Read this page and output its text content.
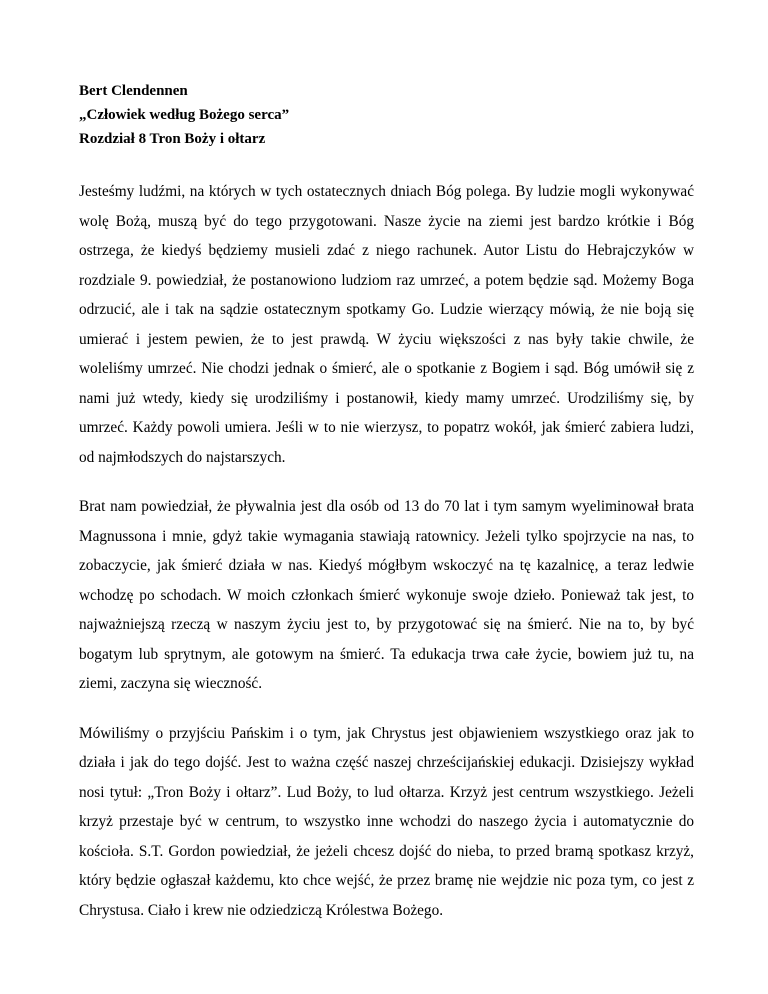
Bert Clendennen
„Człowiek według Bożego serca”
Rozdział 8 Tron Boży i ołtarz

Jesteśmy ludźmi, na których w tych ostatecznych dniach Bóg polega. By ludzie mogli wykonywać wolę Bożą, muszą być do tego przygotowani. Nasze życie na ziemi jest bardzo krótkie i Bóg ostrzega, że kiedyś będziemy musieli zdać z niego rachunek. Autor Listu do Hebrajczyków w rozdziale 9. powiedział, że postanowiono ludziom raz umrzeć, a potem będzie sąd. Możemy Boga odrzucić, ale i tak na sądzie ostatecznym spotkamy Go. Ludzie wierzący mówią, że nie boją się umierać i jestem pewien, że to jest prawdą. W życiu większości z nas były takie chwile, że woleliśmy umrzeć. Nie chodzi jednak o śmierć, ale o spotkanie z Bogiem i sąd. Bóg umówił się z nami już wtedy, kiedy się urodziliśmy i postanowił, kiedy mamy umrzeć. Urodziliśmy się, by umrzeć. Każdy powoli umiera. Jeśli w to nie wierzysz, to popatrz wokół, jak śmierć zabiera ludzi, od najmłodszych do najstarszych.

Brat nam powiedział, że pływalnia jest dla osób od 13 do 70 lat i tym samym wyeliminował brata Magnussona i mnie, gdyż takie wymagania stawiają ratownicy. Jeżeli tylko spojrzycie na nas, to zobaczycie, jak śmierć działa w nas. Kiedyś mógłbym wskoczyć na tę kazalnicę, a teraz ledwie wchodzę po schodach. W moich członkach śmierć wykonuje swoje dzieło. Ponieważ tak jest, to najważniejszą rzeczą w naszym życiu jest to, by przygotować się na śmierć. Nie na to, by być bogatym lub sprytnym, ale gotowym na śmierć. Ta edukacja trwa całe życie, bowiem już tu, na ziemi, zaczyna się wieczność.

Mówiliśmy o przyjściu Pańskim i o tym, jak Chrystus jest objawieniem wszystkiego oraz jak to działa i jak do tego dojść. Jest to ważna część naszej chrześcijańskiej edukacji. Dzisiejszy wykład nosi tytuł: „Tron Boży i ołtarz”. Lud Boży, to lud ołtarza. Krzyż jest centrum wszystkiego. Jeżeli krzyż przestaje być w centrum, to wszystko inne wchodzi do naszego życia i automatycznie do kościoła. S.T. Gordon powiedział, że jeżeli chcesz dojść do nieba, to przed bramą spotkasz krzyż, który będzie ogłaszał każdemu, kto chce wejść, że przez bramę nie wejdzie nic poza tym, co jest z Chrystusa. Ciało i krew nie odziedziczą Królestwa Bożego.
